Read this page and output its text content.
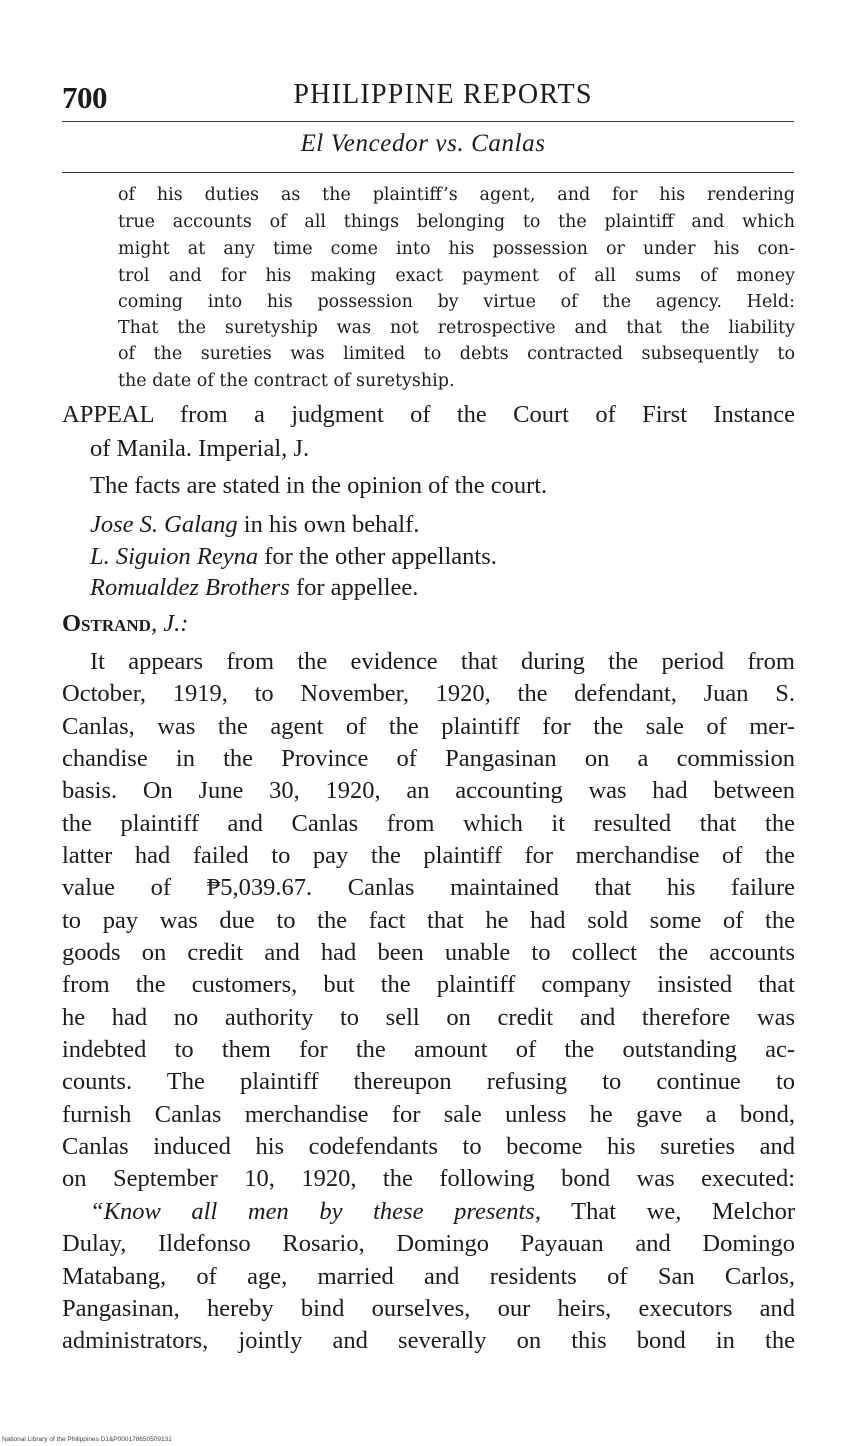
700	PHILIPPINE REPORTS
El Vencedor vs. Canlas
of his duties as the plaintiff’s agent, and for his rendering
true accounts of all things belonging to the plaintiff and which
might at any time come into his possession or under his con-
trol and for his making exact payment of all sums of money
coming into his possession by virtue of the agency. Held:
That the suretyship was not retrospective and that the liability
of the sureties was limited to debts contracted subsequently to
the date of the contract of suretyship.
APPEAL from a judgment of the Court of First Instance
of Manila. Imperial, J.
The facts are stated in the opinion of the court.
Jose S. Galang in his own behalf.
L. Siguion Reyna for the other appellants.
Romualdez Brothers for appellee.
Ostrand, J.:
It appears from the evidence that during the period from
October, 1919, to November, 1920, the defendant, Juan S.
Canlas, was the agent of the plaintiff for the sale of mer-
chandise in the Province of Pangasinan on a commission
basis. On June 30, 1920, an accounting was had between
the plaintiff and Canlas from which it resulted that the
latter had failed to pay the plaintiff for merchandise of the
value of ₱5,039.67. Canlas maintained that his failure
to pay was due to the fact that he had sold some of the
goods on credit and had been unable to collect the accounts
from the customers, but the plaintiff company insisted that
he had no authority to sell on credit and therefore was
indebted to them for the amount of the outstanding ac-
counts. The plaintiff thereupon refusing to continue to
furnish Canlas merchandise for sale unless he gave a bond,
Canlas induced his codefendants to become his sureties and
on September 10, 1920, the following bond was executed:
“Know all men by these presents, That we, Melchor
Dulay, Ildefonso Rosario, Domingo Payauan and Domingo
Matabang, of age, married and residents of San Carlos,
Pangasinan, hereby bind ourselves, our heirs, executors and
administrators, jointly and severally on this bond in the
National Library of the Philippines D1&P000178650509131
